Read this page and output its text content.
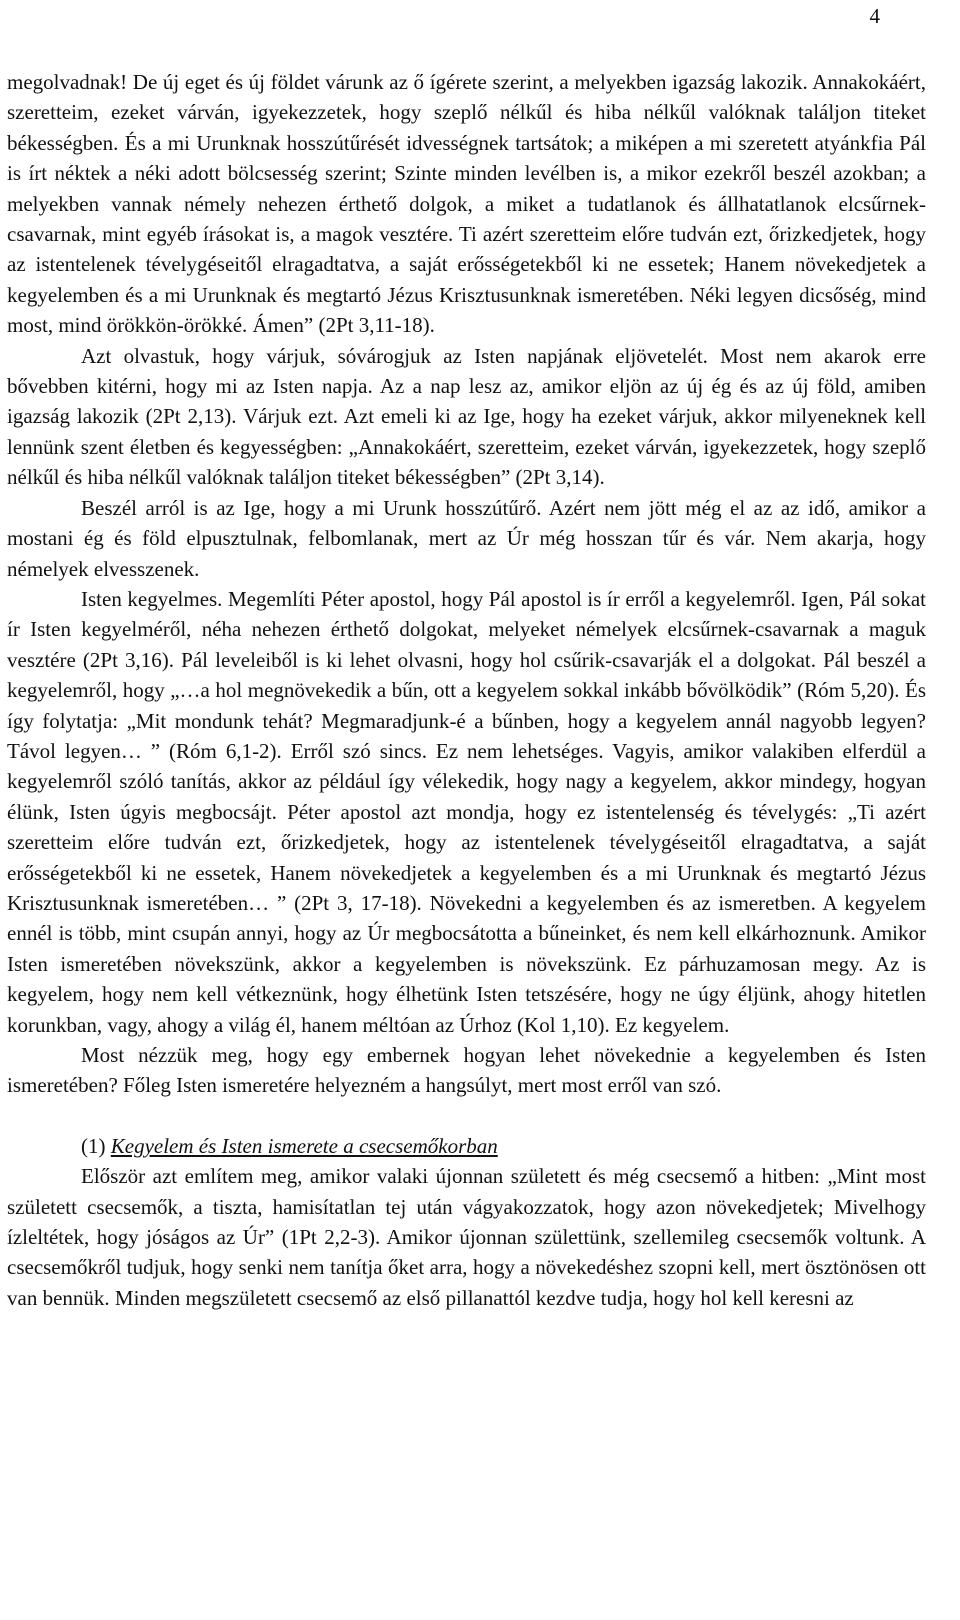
4

megolvadnak! De új eget és új földet várunk az ő ígérete szerint, a melyekben igazság lakozik. Annakokáért, szeretteim, ezeket várván, igyekezzetek, hogy szeplő nélkűl és hiba nélkűl valóknak találjon titeket békességben. És a mi Urunknak hosszútűrését idvességnek tartsátok; a miképen a mi szeretett atyánkfia Pál is írt néktek a néki adott bölcsesség szerint; Szinte minden levélben is, a mikor ezekről beszél azokban; a melyekben vannak némely nehezen érthető dolgok, a miket a tudatlanok és állhatatlanok elcsűrnek-csavarnak, mint egyéb írásokat is, a magok vesztére. Ti azért szeretteim előre tudván ezt, őrizkedjetek, hogy az istentelenek tévelygéseitől elragadtatva, a saját erősségetekből ki ne essetek; Hanem növekedjetek a kegyelemben és a mi Urunknak és megtartó Jézus Krisztusunknak ismeretében. Néki legyen dicsőség, mind most, mind örökkön-örökké. Ámen” (2Pt 3,11-18).

Azt olvastuk, hogy várjuk, sóvárogjuk az Isten napjának eljövetelét. Most nem akarok erre bővebben kitérni, hogy mi az Isten napja. Az a nap lesz az, amikor eljön az új ég és az új föld, amiben igazság lakozik (2Pt 2,13). Várjuk ezt. Azt emeli ki az Ige, hogy ha ezeket várjuk, akkor milyeneknek kell lennünk szent életben és kegyességben: „Annakokáért, szeretteim, ezeket várván, igyekezzetek, hogy szeplő nélkűl és hiba nélkűl valóknak találjon titeket békességben” (2Pt 3,14).

Beszél arról is az Ige, hogy a mi Urunk hosszútűrő. Azért nem jött még el az az idő, amikor a mostani ég és föld elpusztulnak, felbomlanak, mert az Úr még hosszan tűr és vár. Nem akarja, hogy némelyek elvesszenek.

Isten kegyelmes. Megemlíti Péter apostol, hogy Pál apostol is ír erről a kegyelemről. Igen, Pál sokat ír Isten kegyelméről, néha nehezen érthető dolgokat, melyeket némelyek elcsűrnek-csavarnak a maguk vesztére (2Pt 3,16). Pál leveleiből is ki lehet olvasni, hogy hol csűrik-csavarják el a dolgokat. Pál beszél a kegyelemről, hogy „…a hol megnövekedik a bűn, ott a kegyelem sokkal inkább bővölködik” (Róm 5,20). És így folytatja: „Mit mondunk tehát? Megmaradjunk-é a bűnben, hogy a kegyelem annál nagyobb legyen? Távol legyen… ” (Róm 6,1-2). Erről szó sincs. Ez nem lehetséges. Vagyis, amikor valakiben elferdül a kegyelemről szóló tanítás, akkor az például így vélekedik, hogy nagy a kegyelem, akkor mindegy, hogyan élünk, Isten úgyis megbocsájt. Péter apostol azt mondja, hogy ez istentelenség és tévelygés: „Ti azért szeretteim előre tudván ezt, őrizkedjetek, hogy az istentelenek tévelygéseitől elragadtatva, a saját erősségetekből ki ne essetek, Hanem növekedjetek a kegyelemben és a mi Urunknak és megtartó Jézus Krisztusunknak ismeretében… ” (2Pt 3, 17-18). Növekedni a kegyelemben és az ismeretben. A kegyelem ennél is több, mint csupán annyi, hogy az Úr megbocsátotta a bűneinket, és nem kell elkárhoznunk. Amikor Isten ismeretében növekszünk, akkor a kegyelemben is növekszünk. Ez párhuzamosan megy. Az is kegyelem, hogy nem kell vétkeznünk, hogy élhetünk Isten tetszésére, hogy ne úgy éljünk, ahogy hitetlen korunkban, vagy, ahogy a világ él, hanem méltóan az Úrhoz (Kol 1,10). Ez kegyelem.

Most nézzük meg, hogy egy embernek hogyan lehet növekednie a kegyelemben és Isten ismeretében? Főleg Isten ismeretére helyezném a hangsúlyt, mert most erről van szó.

(1) Kegyelem és Isten ismerete a csecsemőkorban

Először azt említem meg, amikor valaki újonnan született és még csecsemő a hitben: „Mint most született csecsemők, a tiszta, hamisítatlan tej után vágyakozzatok, hogy azon növekedjetek; Mivelhogy ízleltétek, hogy jóságos az Úr” (1Pt 2,2-3). Amikor újonnan születtünk, szellemileg csecsemők voltunk. A csecsemőkről tudjuk, hogy senki nem tanítja őket arra, hogy a növekedéshez szopni kell, mert ösztönösen ott van bennük. Minden megszületett csecsemő az első pillanattól kezdve tudja, hogy hol kell keresni az
